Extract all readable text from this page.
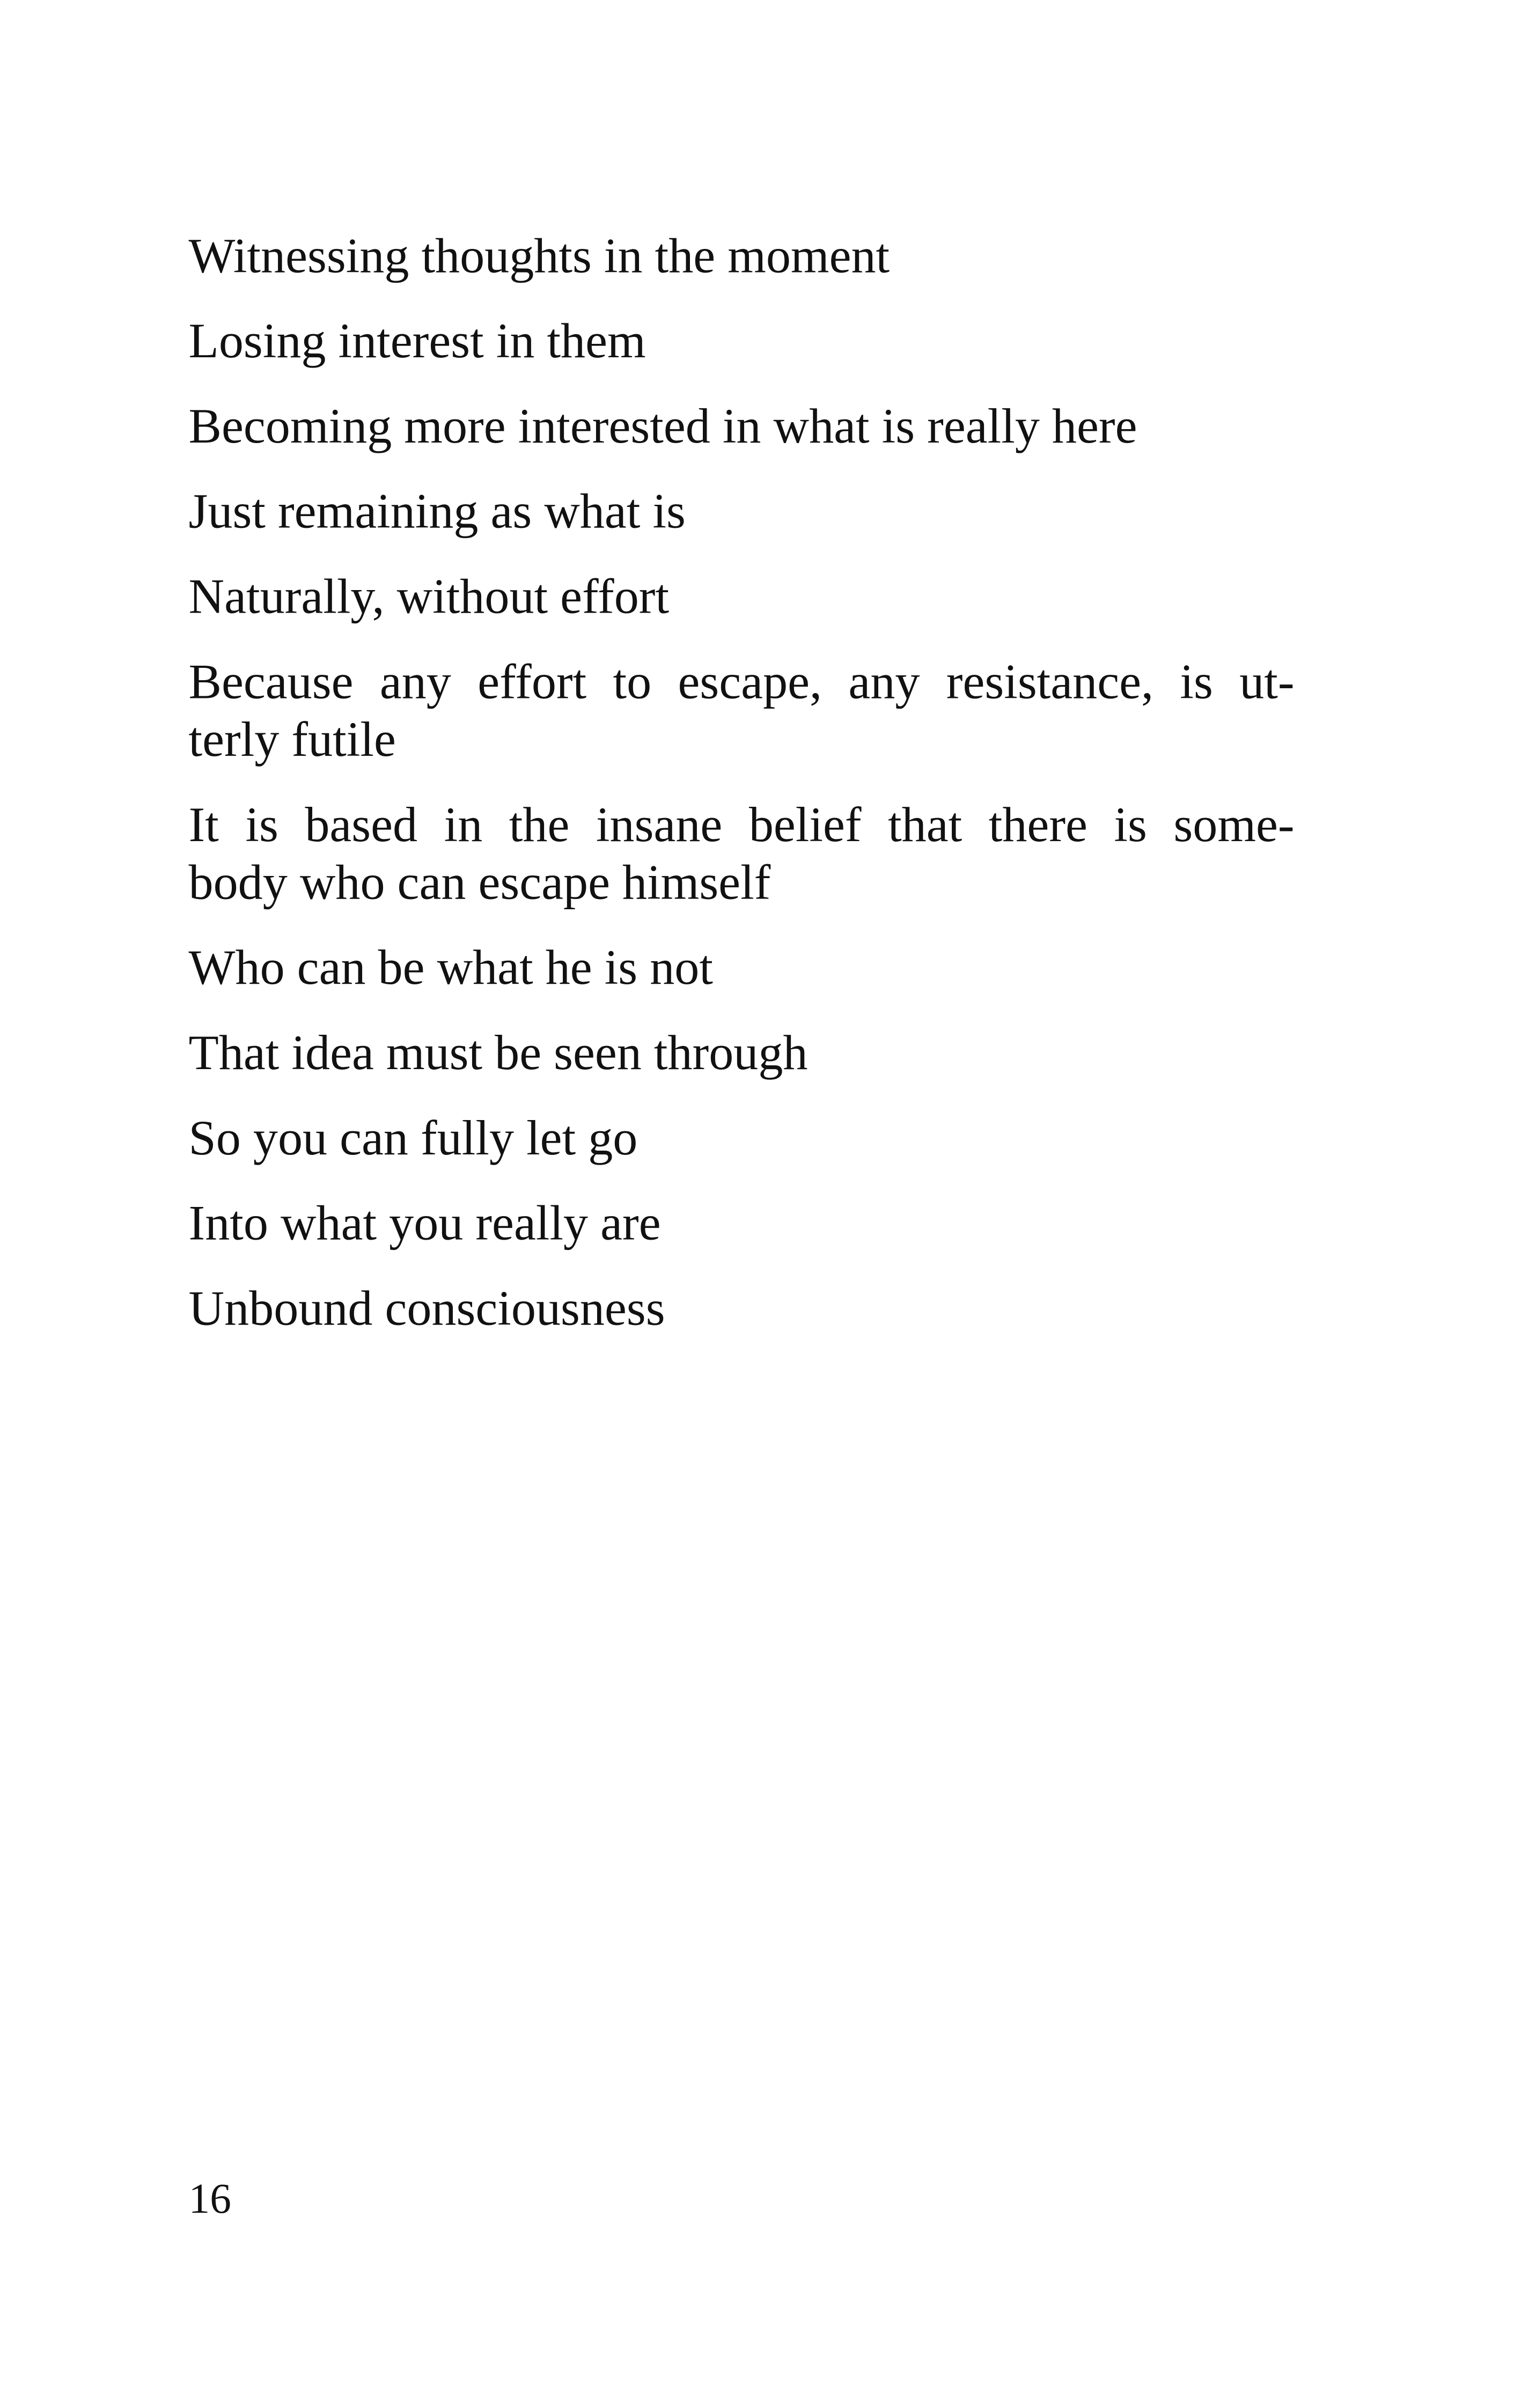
Witnessing thoughts in the moment

Losing interest in them

Becoming more interested in what is really here

Just remaining as what is

Naturally, without effort

Because any effort to escape, any resistance, is ut-
terly futile

It is based in the insane belief that there is some-
body who can escape himself

Who can be what he is not

That idea must be seen through

So you can fully let go

Into what you really are

Unbound consciousness

16
